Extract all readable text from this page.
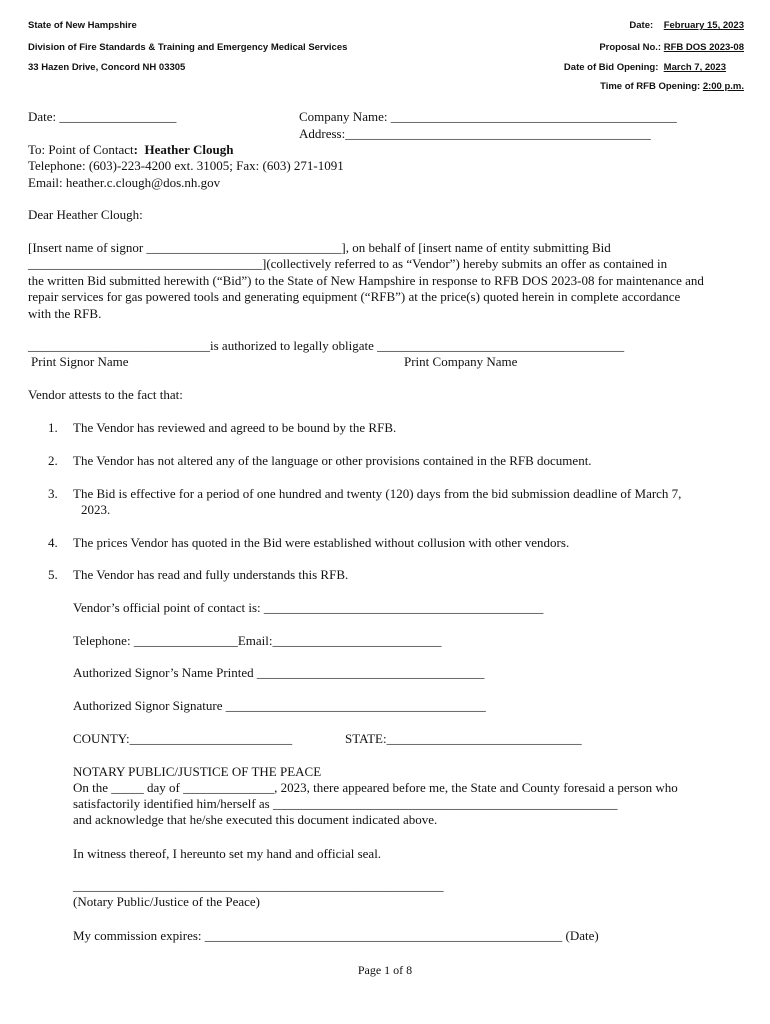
State of New Hampshire
Division of Fire Standards & Training and Emergency Medical Services
33 Hazen Drive, Concord NH 03305
Date: February 15, 2023
Proposal No.: RFB DOS 2023-08
Date of Bid Opening: March 7, 2023
Time of RFB Opening: 2:00 p.m.
Date: __________________	Company Name: ____________________________________________
Address:_______________________________________________
To: Point of Contact: Heather Clough
Telephone: (603)-223-4200 ext. 31005; Fax: (603) 271-1091
Email: heather.c.clough@dos.nh.gov
Dear Heather Clough:
[Insert name of signor ______________________________], on behalf of [insert name of entity submitting Bid
____________________________________](collectively referred to as “Vendor”) hereby submits an offer as contained in
the written Bid submitted herewith (“Bid”) to the State of New Hampshire in response to RFB DOS 2023-08 for maintenance and
repair services for gas powered tools and generating equipment (“RFB”) at the price(s) quoted herein in complete accordance
with the RFB.
____________________________is authorized to legally obligate ______________________________________
Print Signor Name	Print Company Name
Vendor attests to the fact that:
1. The Vendor has reviewed and agreed to be bound by the RFB.
2. The Vendor has not altered any of the language or other provisions contained in the RFB document.
3. The Bid is effective for a period of one hundred and twenty (120) days from the bid submission deadline of March 7,
2023.
4. The prices Vendor has quoted in the Bid were established without collusion with other vendors.
5. The Vendor has read and fully understands this RFB.
Vendor’s official point of contact is: ___________________________________________
Telephone: ________________Email:__________________________
Authorized Signor’s Name Printed ___________________________________
Authorized Signor Signature ________________________________________
COUNTY:_________________________	STATE:______________________________
NOTARY PUBLIC/JUSTICE OF THE PEACE
On the _____ day of ______________, 2023, there appeared before me, the State and County foresaid a person who
satisfactorily identified him/herself as _____________________________________________________
and acknowledge that he/she executed this document indicated above.
In witness thereof, I hereunto set my hand and official seal.
_________________________________________________________
(Notary Public/Justice of the Peace)
My commission expires: _______________________________________________________ (Date)
Page 1 of 8
